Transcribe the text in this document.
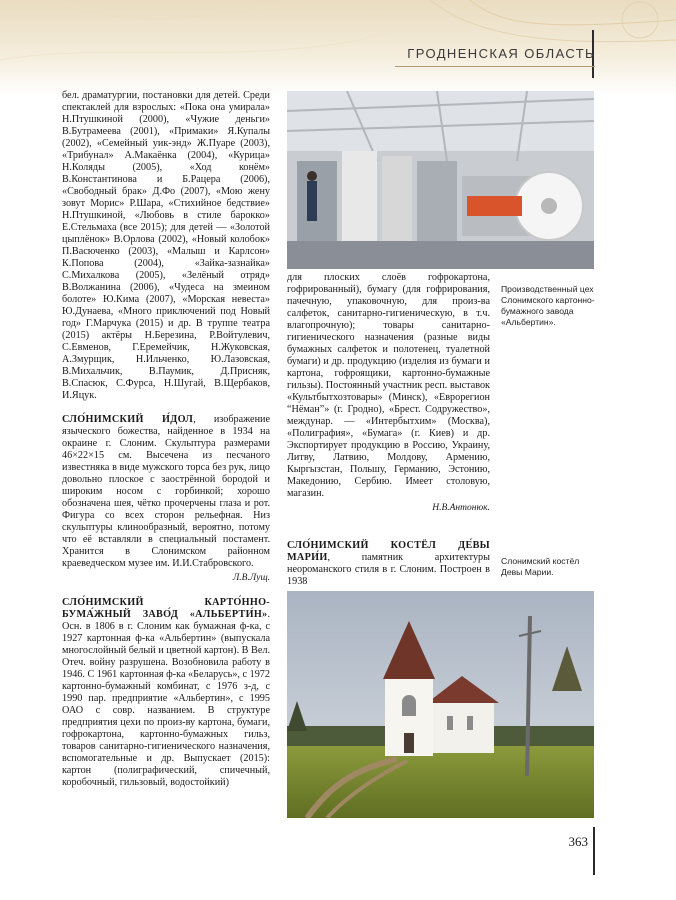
ГРОДНЕНСКАЯ ОБЛАСТЬ

бел. драматургии, постановки для детей. Среди спектаклей для взрослых: «Пока она умирала» Н.Птушкиной (2000), «Чужие деньги» В.Бутрамеева (2001), «Примаки» Я.Купалы (2002), «Семейный уик-энд» Ж.Пуаре (2003), «Трибунал» А.Макаёнка (2004), «Курица» Н.Коляды (2005), «Ход конём» В.Константинова и Б.Рацера (2006), «Свободный брак» Д.Фо (2007), «Мою жену зовут Морис» Р.Шара, «Стихийное бедствие» Н.Птушкиной, «Любовь в стиле барокко» Е.Стельмаха (все 2015); для детей — «Золотой цыплёнок» В.Орлова (2002), «Новый колобок» П.Васюченко (2003), «Малыш и Карлсон» К.Попова (2004), «Зайка-зазнайка» С.Михалкова (2005), «Зелёный отряд» В.Волжанина (2006), «Чудеса на змеином болоте» Ю.Кима (2007), «Морская невеста» Ю.Дунаева, «Много приключений под Новый год» Г.Марчука (2015) и др. В труппе театра (2015) актёры Н.Березина, Р.Войтулевич, С.Евменов, Г.Еремейчик, Н.Жуковская, А.Змурщик, Н.Ильченко, Ю.Лазовская, В.Михальчик, В.Паумик, Д.Присняк, В.Спасюк, С.Фурса, Н.Шугай, В.Щербаков, И.Яцук.

СЛО́НИМСКИЙ И́ДОЛ, изображение языческого божества, найденное в 1934 на окраине г. Слоним. Скульптура размерами 46×22×15 см. Высечена из песчаного известняка в виде мужского торса без рук, лицо довольно плоское с заострённой бородой и широким носом с горбинкой; хорошо обозначена шея, чётко прочерчены глаза и рот. Фигура со всех сторон рельефная. Низ скульптуры клинообразный, вероятно, потому что её вставляли в специальный постамент. Хранится в Слонимском районном краеведческом музее им. И.И.Стабровского.

Л.В.Лущ.

СЛО́НИМСКИЙ КАРТО́ННО-БУМА́ЖНЫЙ ЗАВО́Д «АЛЬБЕРТИ́Н». Осн. в 1806 в г. Слоним как бумажная ф-ка, с 1927 картонная ф-ка «Альбертин» (выпускала многослойный белый и цветной картон). В Вел. Отеч. войну разрушена. Возобновила работу в 1946. С 1961 картонная ф-ка «Беларусь», с 1972 картонно-бумажный комбинат, с 1976 з-д, с 1990 пар. предприятие «Альбертин», с 1995 ОАО с совр. названием. В структуре предприятия цехи по произ-ву картона, бумаги, гофрокартона, картонно-бумажных гильз, товаров санитарно-гигиенического назначения, вспомогательные и др. Выпускает (2015): картон (полиграфический, спичечный, коробочный, гильзовый, водостойкий)

Производственный цех Слонимского картонно-бумажного завода «Альбертин».

для плоских слоёв гофрокартона, гофрированный), бумагу (для гофрирования, пачечную, упаковочную, для произ-ва салфеток, санитарно-гигиеническую, в т.ч. влагопрочную); товары санитарно-гигиенического назначения (разные виды бумажных салфеток и полотенец, туалетной бумаги) и др. продукцию (изделия из бумаги и картона, гофроящики, картонно-бумажные гильзы). Постоянный участник респ. выставок «Культбытхозтовары» (Минск), «Еврорегион “Нёман”» (г. Гродно), «Брест. Содружество», междунар. — «Интербытхим» (Москва), «Полиграфия», «Бумага» (г. Киев) и др. Экспортирует продукцию в Россию, Украину, Литву, Латвию, Молдову, Армению, Кыргызстан, Польшу, Германию, Эстонию, Македонию, Сербию. Имеет столовую, магазин.

Н.В.Антонюк.

СЛО́НИМСКИЙ КОСТЁЛ ДЕ́ВЫ МАРИ́И, памятник архитектуры неороманского стиля в г. Слоним. Построен в 1938

Слонимский костёл Девы Марии.
363
